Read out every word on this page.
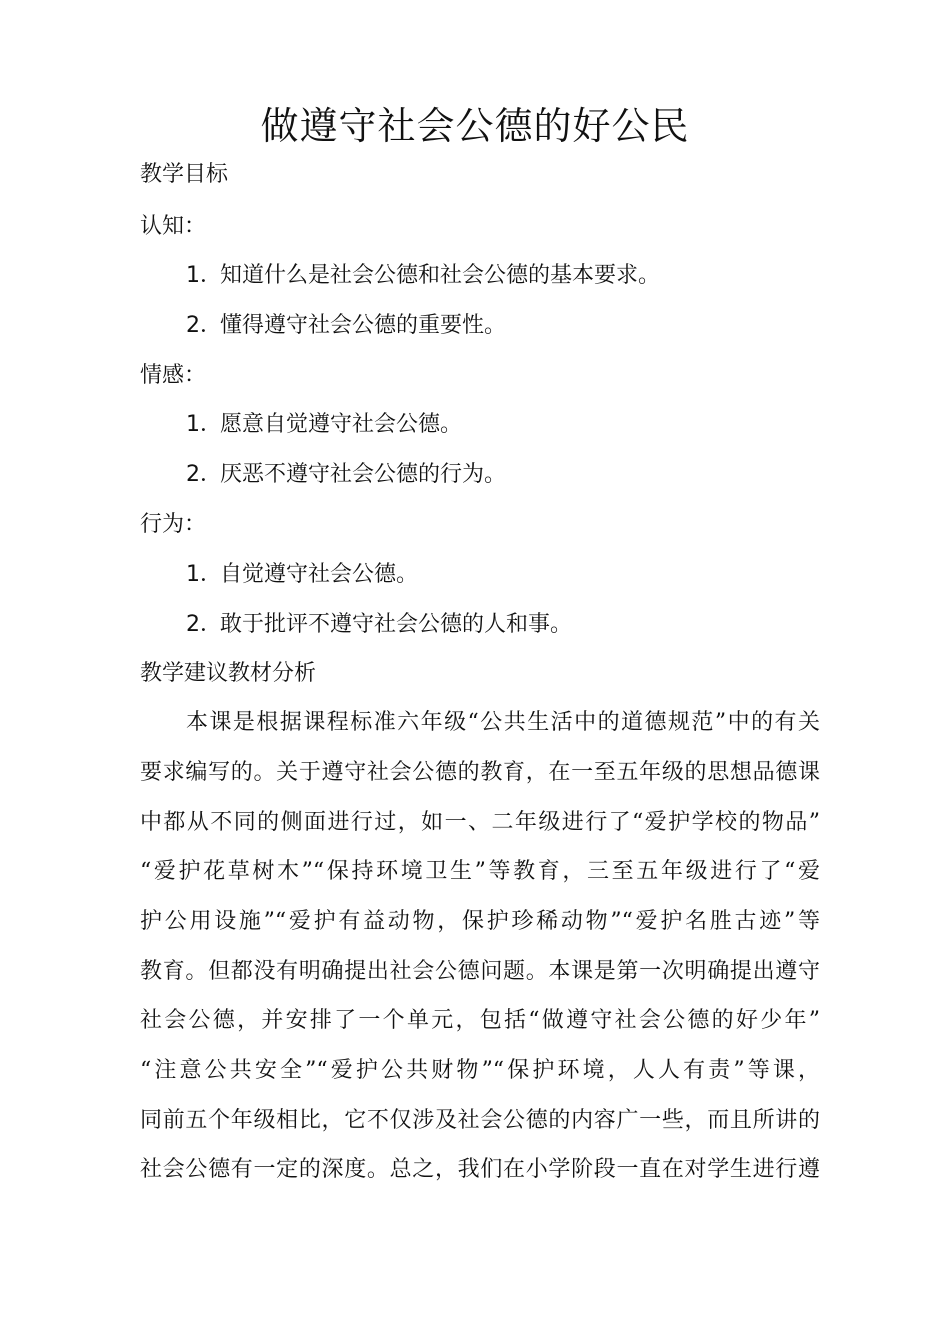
做遵守社会公德的好公民
教学目标
认知：
1．知道什么是社会公德和社会公德的基本要求。
2．懂得遵守社会公德的重要性。
情感：
1．愿意自觉遵守社会公德。
2．厌恶不遵守社会公德的行为。
行为：
1．自觉遵守社会公德。
2．敢于批评不遵守社会公德的人和事。
教学建议教材分析
本课是根据课程标准六年级“公共生活中的道德规范”中的有关
要求编写的。关于遵守社会公德的教育，在一至五年级的思想品德课
中都从不同的侧面进行过，如一、二年级进行了“爱护学校的物品”
“爱护花草树木”“保持环境卫生”等教育，三至五年级进行了“爱
护公用设施”“爱护有益动物，保护珍稀动物”“爱护名胜古迹”等
教育。但都没有明确提出社会公德问题。本课是第一次明确提出遵守
社会公德，并安排了一个单元，包括“做遵守社会公德的好少年”
“注意公共安全”“爱护公共财物”“保护环境，人人有责”等课，
同前五个年级相比，它不仅涉及社会公德的内容广一些，而且所讲的
社会公德有一定的深度。总之，我们在小学阶段一直在对学生进行遵
